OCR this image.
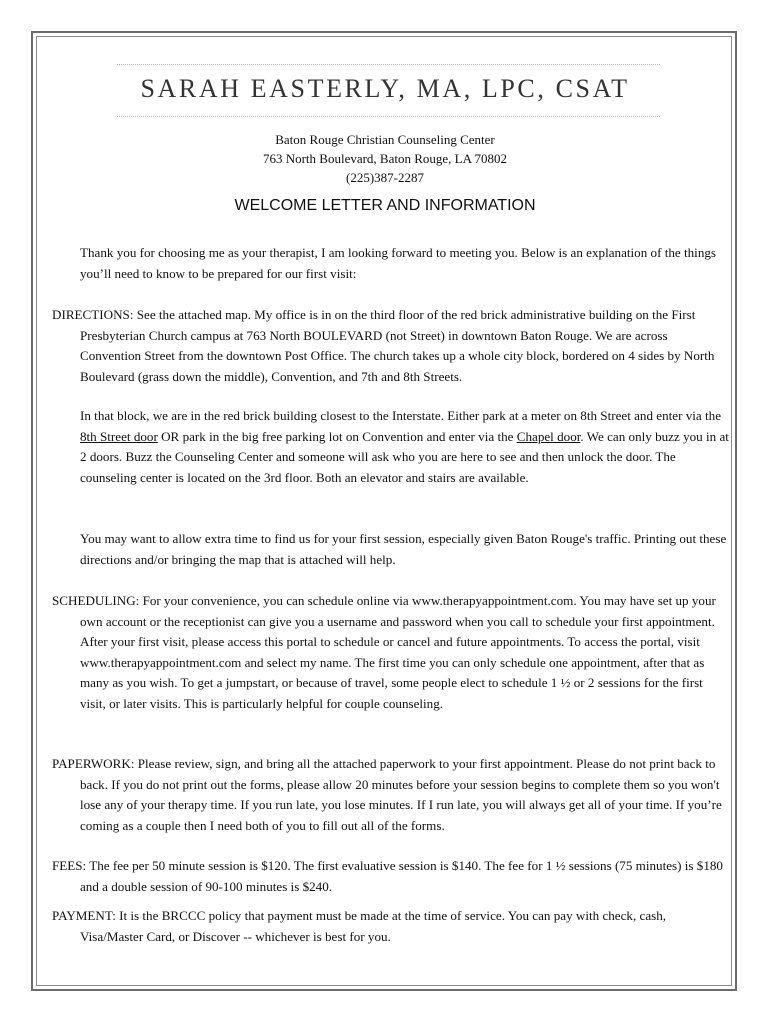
SARAH EASTERLY, MA, LPC, CSAT
Baton Rouge Christian Counseling Center
763 North Boulevard, Baton Rouge, LA 70802
(225)387-2287
WELCOME LETTER AND INFORMATION

Thank you for choosing me as your therapist, I am looking forward to meeting you. Below is an explanation of the things you’ll need to know to be prepared for our first visit:

DIRECTIONS: See the attached map. My office is in on the third floor of the red brick administrative building on the First Presbyterian Church campus at 763 North BOULEVARD (not Street) in downtown Baton Rouge. We are across Convention Street from the downtown Post Office. The church takes up a whole city block, bordered on 4 sides by North Boulevard (grass down the middle), Convention, and 7th and 8th Streets.

In that block, we are in the red brick building closest to the Interstate. Either park at a meter on 8th Street and enter via the 8th Street door OR park in the big free parking lot on Convention and enter via the Chapel door. We can only buzz you in at 2 doors. Buzz the Counseling Center and someone will ask who you are here to see and then unlock the door. The counseling center is located on the 3rd floor. Both an elevator and stairs are available.

You may want to allow extra time to find us for your first session, especially given Baton Rouge's traffic. Printing out these directions and/or bringing the map that is attached will help.

SCHEDULING: For your convenience, you can schedule online via www.therapyappointment.com. You may have set up your own account or the receptionist can give you a username and password when you call to schedule your first appointment. After your first visit, please access this portal to schedule or cancel and future appointments. To access the portal, visit www.therapyappointment.com and select my name. The first time you can only schedule one appointment, after that as many as you wish. To get a jumpstart, or because of travel, some people elect to schedule 1 ½ or 2 sessions for the first visit, or later visits. This is particularly helpful for couple counseling.

PAPERWORK: Please review, sign, and bring all the attached paperwork to your first appointment. Please do not print back to back. If you do not print out the forms, please allow 20 minutes before your session begins to complete them so you won't lose any of your therapy time. If you run late, you lose minutes. If I run late, you will always get all of your time. If you’re coming as a couple then I need both of you to fill out all of the forms.

FEES: The fee per 50 minute session is $120. The first evaluative session is $140. The fee for 1 ½ sessions (75 minutes) is $180 and a double session of 90-100 minutes is $240.

PAYMENT: It is the BRCCC policy that payment must be made at the time of service. You can pay with check, cash, Visa/Master Card, or Discover -- whichever is best for you.
